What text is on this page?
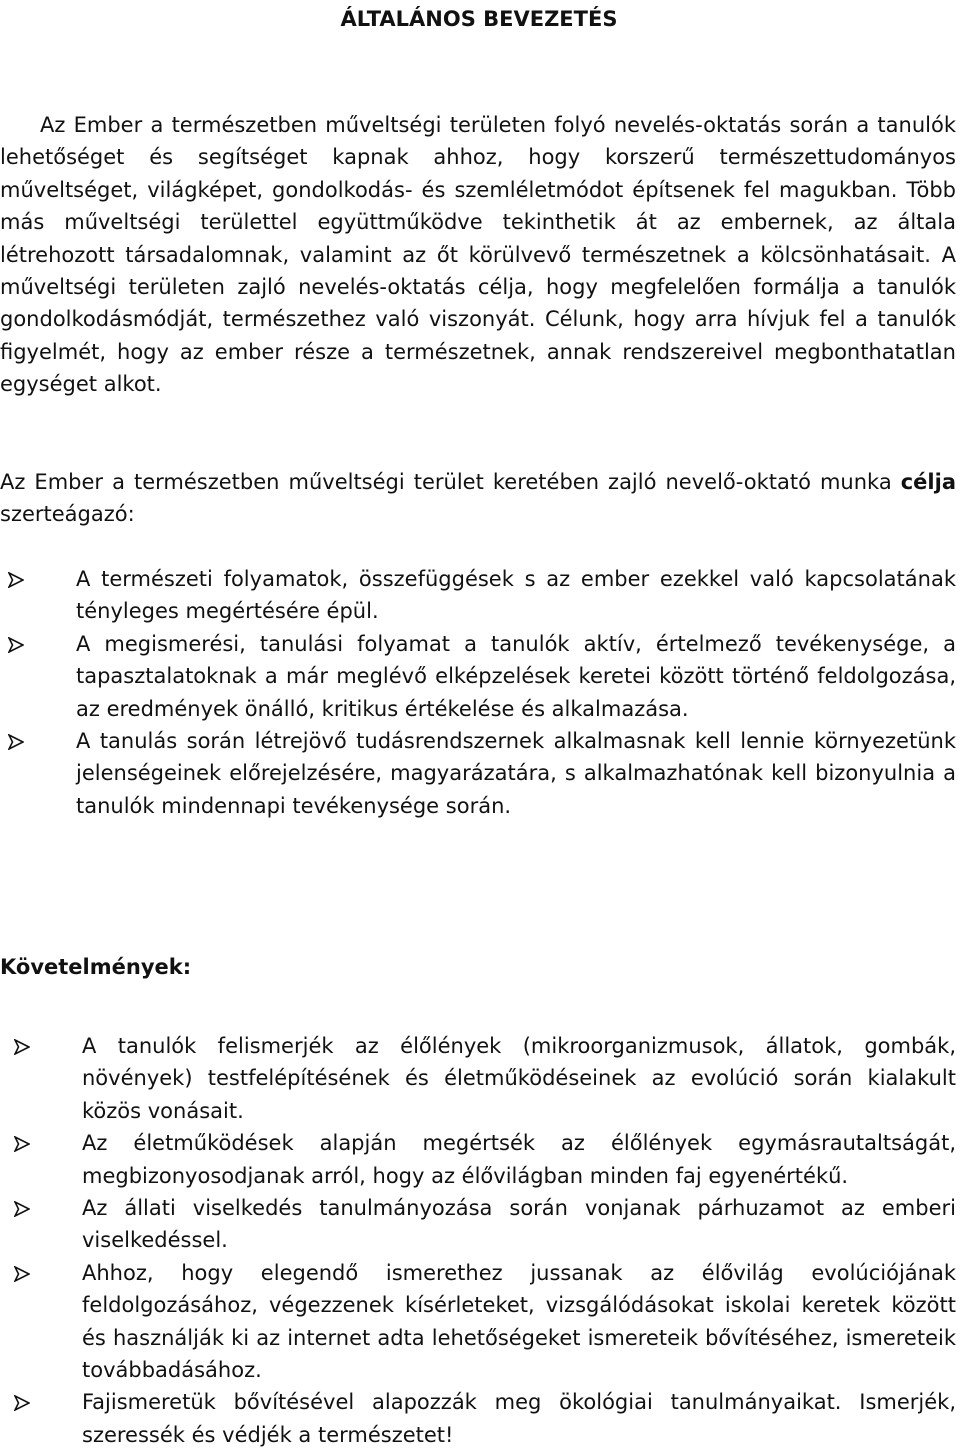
ÁLTALÁNOS BEVEZETÉS

Az Ember a természetben műveltségi területen folyó nevelés-oktatás során a tanulók lehetőséget és segítséget kapnak ahhoz, hogy korszerű természettudományos műveltséget, világképet, gondolkodás- és szemléletmódot építsenek fel magukban. Több más műveltségi területtel együttműködve tekinthetik át az embernek, az általa létrehozott társadalomnak, valamint az őt körülvevő természetnek a kölcsönhatásait. A műveltségi területen zajló nevelés-oktatás célja, hogy megfelelően formálja a tanulók gondolkodásmódját, természethez való viszonyát. Célunk, hogy arra hívjuk fel a tanulók figyelmét, hogy az ember része a természetnek, annak rendszereivel megbonthatatlan egységet alkot.

Az Ember a természetben műveltségi terület keretében zajló nevelő-oktató munka célja szerteágazó:

A természeti folyamatok, összefüggések s az ember ezekkel való kapcsolatának tényleges megértésére épül.
A megismerési, tanulási folyamat a tanulók aktív, értelmező tevékenysége, a tapasztalatoknak a már meglévő elképzelések keretei között történő feldolgozása, az eredmények önálló, kritikus értékelése és alkalmazása.
A tanulás során létrejövő tudásrendszernek alkalmasnak kell lennie környezetünk jelenségeinek előrejelzésére, magyarázatára, s alkalmazhatónak kell bizonyulnia a tanulók mindennapi tevékenysége során.
Követelmények:
A tanulók felismerjék az élőlények (mikroorganizmusok, állatok, gombák, növények) testfelépítésének és életműködéseinek az evolúció során kialakult közös vonásait.
Az életműködések alapján megértsék az élőlények egymásrautaltságát, megbizonyosodjanak arról, hogy az élővilágban minden faj egyenértékű.
Az állati viselkedés tanulmányozása során vonjanak párhuzamot az emberi viselkedéssel.
Ahhoz, hogy elegendő ismerethez jussanak az élővilág evolúciójának feldolgozásához, végezzenek kísérleteket, vizsgálódásokat iskolai keretek között és használják ki az internet adta lehetőségeket ismereteik bővítéséhez, ismereteik továbbadásához.
Fajismeretük bővítésével alapozzák meg ökológiai tanulmányaikat. Ismerjék, szeressék és védjék a természetet!
